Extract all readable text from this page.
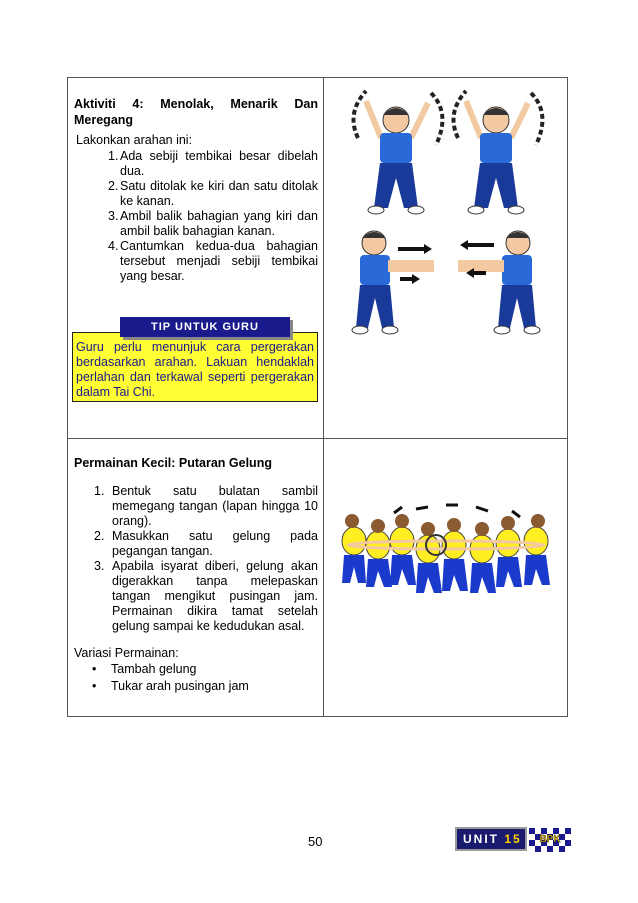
Aktiviti 4: Menolak, Menarik Dan
Meregang
Lakonkan arahan ini:
1. Ada sebiji tembikai besar dibelah dua.
2. Satu ditolak ke kiri dan satu ditolak ke kanan.
3. Ambil balik bahagian yang kiri dan ambil balik bahagian kanan.
4. Cantumkan kedua-dua bahagian tersebut menjadi sebiji tembikai yang besar.
TIP UNTUK GURU
Guru perlu menunjuk cara pergerakan berdasarkan arahan. Lakuan hendaklah perlahan dan terkawal seperti pergerakan dalam Tai Chi.
Permainan Kecil: Putaran Gelung
1. Bentuk satu bulatan sambil memegang tangan (lapan hingga 10 orang).
2. Masukkan satu gelung pada pegangan tangan.
3. Apabila isyarat diberi, gelung akan digerakkan tanpa melepaskan tangan mengikut pusingan jam. Permainan dikira tamat setelah gelung sampai ke kedudukan asal.
Variasi Permainan:
• Tambah gelung
• Tukar arah pusingan jam
50	UNIT 15	BPK
